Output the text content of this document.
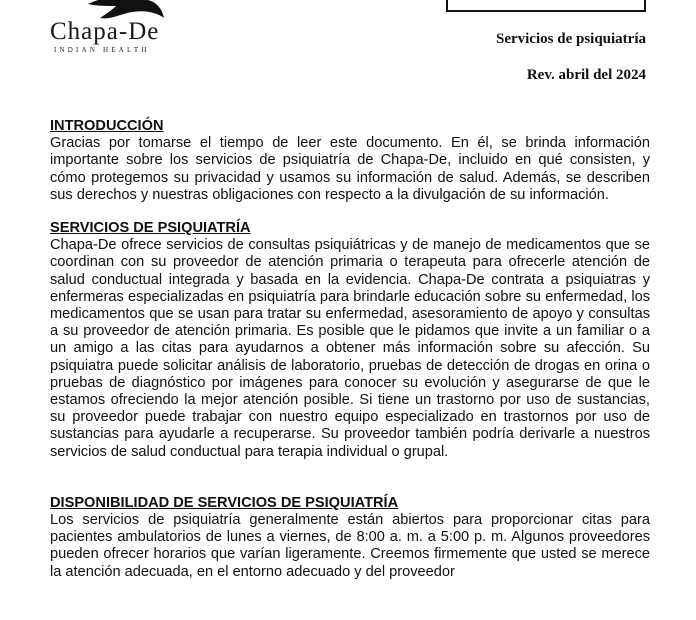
Chapa-De
INDIAN HEALTH
Servicios de psiquiatría
Rev. abril del 2024

INTRODUCCIÓN

Gracias por tomarse el tiempo de leer este documento. En él, se brinda información importante sobre los servicios de psiquiatría de Chapa-De, incluido en qué consisten, y cómo protegemos su privacidad y usamos su información de salud. Además, se describen sus derechos y nuestras obligaciones con respecto a la divulgación de su información.

SERVICIOS DE PSIQUIATRÍA

Chapa-De ofrece servicios de consultas psiquiátricas y de manejo de medicamentos que se coordinan con su proveedor de atención primaria o terapeuta para ofrecerle atención de salud conductual integrada y basada en la evidencia. Chapa-De contrata a psiquiatras y enfermeras especializadas en psiquiatría para brindarle educación sobre su enfermedad, los medicamentos que se usan para tratar su enfermedad, asesoramiento de apoyo y consultas a su proveedor de atención primaria. Es posible que le pidamos que invite a un familiar o a un amigo a las citas para ayudarnos a obtener más información sobre su afección. Su psiquiatra puede solicitar análisis de laboratorio, pruebas de detección de drogas en orina o pruebas de diagnóstico por imágenes para conocer su evolución y asegurarse de que le estamos ofreciendo la mejor atención posible. Si tiene un trastorno por uso de sustancias, su proveedor puede trabajar con nuestro equipo especializado en trastornos por uso de sustancias para ayudarle a recuperarse. Su proveedor también podría derivarle a nuestros servicios de salud conductual para terapia individual o grupal.

DISPONIBILIDAD DE SERVICIOS DE PSIQUIATRÍA

Los servicios de psiquiatría generalmente están abiertos para proporcionar citas para pacientes ambulatorios de lunes a viernes, de 8:00 a. m. a 5:00 p. m. Algunos proveedores pueden ofrecer horarios que varían ligeramente. Creemos firmemente que usted se merece la atención adecuada, en el entorno adecuado y del proveedor
